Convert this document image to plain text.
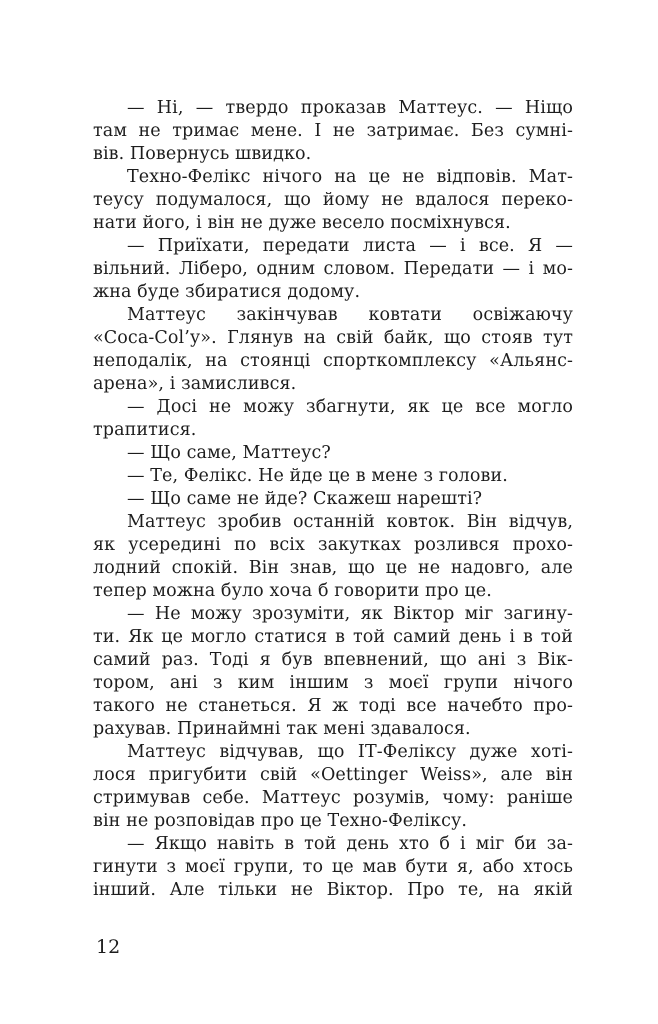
— Ні, — твердо проказав Маттеус. — Ніщо
там не тримає мене. І не затримає. Без сумні-
вів. Повернусь швидко.

Техно-Фелікс нічого на це не відповів. Мат-
теусу подумалося, що йому не вдалося переко-
нати його, і він не дуже весело посміхнувся.

— Приїхати, передати листа — і все. Я —
вільний. Ліберо, одним словом. Передати — і мо-
жна буде збиратися додому.

Маттеус закінчував ковтати освіжаючу
«Coca-Col’у». Глянув на свій байк, що стояв тут
неподалік, на стоянці спорткомплексу «Альянс-
арена», і замислився.

— Досі не можу збагнути, як це все могло
трапитися.

— Що саме, Маттеус?

— Те, Фелікс. Не йде це в мене з голови.

— Що саме не йде? Скажеш нарешті?

Маттеус зробив останній ковток. Він відчув,
як усередині по всіх закутках розлився прохо-
лодний спокій. Він знав, що це не надовго, але
тепер можна було хоча б говорити про це.

— Не можу зрозуміти, як Віктор міг загину-
ти. Як це могло статися в той самий день і в той
самий раз. Тоді я був впевнений, що ані з Вік-
тором, ані з ким іншим з моєї групи нічого
такого не станеться. Я ж тоді все начебто про-
рахував. Принаймні так мені здавалося.

Маттеус відчував, що ІТ-Феліксу дуже хоті-
лося пригубити свій «Oettinger Weiss», але він
стримував себе. Маттеус розумів, чому: раніше
він не розповідав про це Техно-Феліксу.

— Якщо навіть в той день хто б і міг би за-
гинути з моєї групи, то це мав бути я, або хтось
інший. Але тільки не Віктор. Про те, на якій

12
